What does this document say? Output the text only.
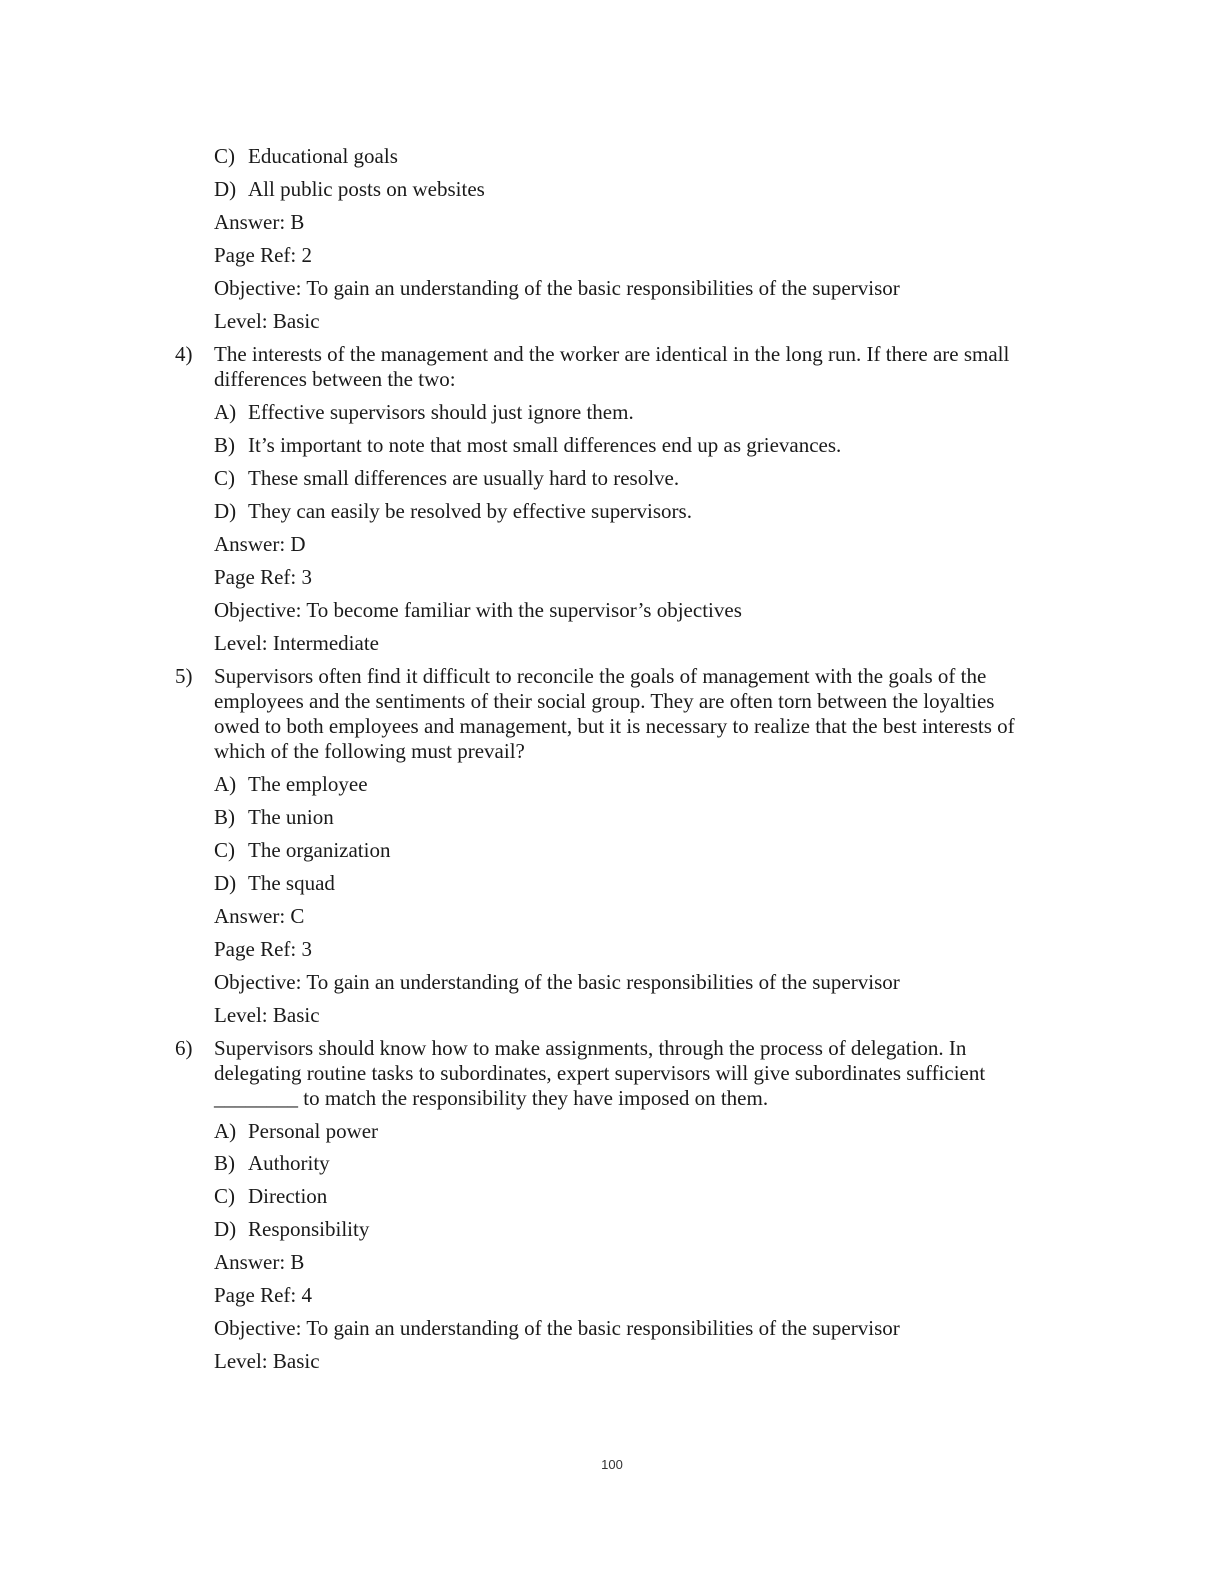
C) Educational goals
D) All public posts on websites
Answer: B
Page Ref: 2
Objective: To gain an understanding of the basic responsibilities of the supervisor
Level: Basic
4) The interests of the management and the worker are identical in the long run. If there are small differences between the two:
A) Effective supervisors should just ignore them.
B) It’s important to note that most small differences end up as grievances.
C) These small differences are usually hard to resolve.
D) They can easily be resolved by effective supervisors.
Answer: D
Page Ref: 3
Objective: To become familiar with the supervisor’s objectives
Level: Intermediate
5) Supervisors often find it difficult to reconcile the goals of management with the goals of the employees and the sentiments of their social group. They are often torn between the loyalties owed to both employees and management, but it is necessary to realize that the best interests of which of the following must prevail?
A) The employee
B) The union
C) The organization
D) The squad
Answer: C
Page Ref: 3
Objective: To gain an understanding of the basic responsibilities of the supervisor
Level: Basic
6) Supervisors should know how to make assignments, through the process of delegation. In delegating routine tasks to subordinates, expert supervisors will give subordinates sufficient ________ to match the responsibility they have imposed on them.
A) Personal power
B) Authority
C) Direction
D) Responsibility
Answer: B
Page Ref: 4
Objective: To gain an understanding of the basic responsibilities of the supervisor
Level: Basic
100
